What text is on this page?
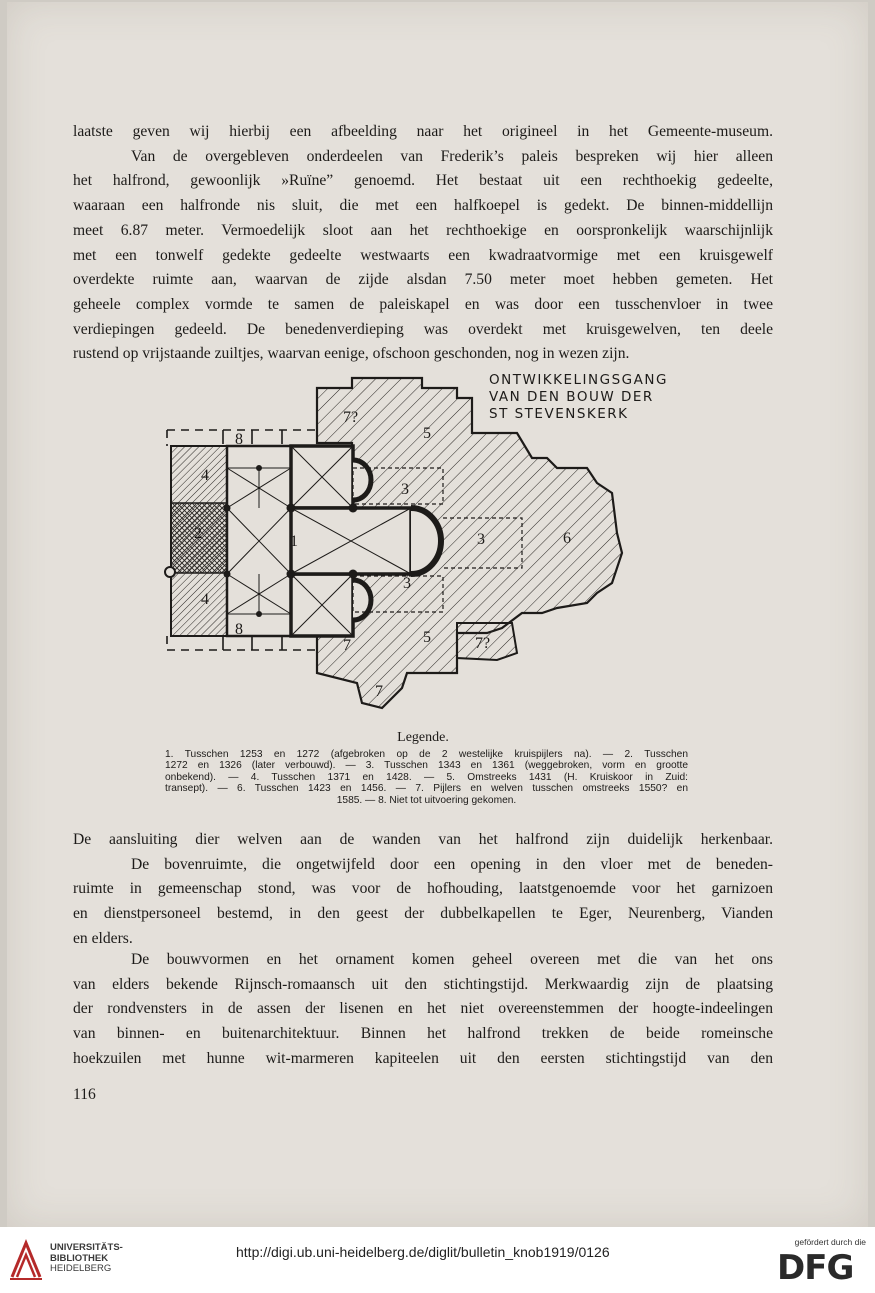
laatste geven wij hierbij een afbeelding naar het origineel in het Gemeente-museum.
Van de overgebleven onderdeelen van Frederik’s paleis bespreken wij hier alleen
het halfrond, gewoonlijk »Ruïne” genoemd. Het bestaat uit een rechthoekig gedeelte,
waaraan een halfronde nis sluit, die met een halfkoepel is gedekt. De binnen-middellijn
meet 6.87 meter. Vermoedelijk sloot aan het rechthoekige en oorspronkelijk waarschijnlijk
met een tonwelf gedekte gedeelte westwaarts een kwadraatvormige met een kruisgewelf
overdekte ruimte aan, waarvan de zijde alsdan 7.50 meter moet hebben gemeten. Het
geheele complex vormde te samen de paleiskapel en was door een tusschenvloer in twee
verdiepingen gedeeld. De benedenverdieping was overdekt met kruisgewelven, ten deele
rustend op vrijstaande zuiltjes, waarvan eenige, ofschoon geschonden, nog in wezen zijn.

1
2
3
3
3
4
4
5
5
6
7
7?
7?
7
8
8
ONTWIKKELINGSGANG
VAN DEN BOUW DER
ST STEVENSKERK
Legende.
1. Tusschen 1253 en 1272 (afgebroken op de 2 westelijke kruispijlers na). — 2. Tusschen
1272 en 1326 (later verbouwd). — 3. Tusschen 1343 en 1361 (weggebroken, vorm en grootte
onbekend). — 4. Tusschen 1371 en 1428. — 5. Omstreeks 1431 (H. Kruiskoor in Zuid:
transept). — 6. Tusschen 1423 en 1456. — 7. Pijlers en welven tusschen omstreeks 1550? en
1585. — 8. Niet tot uitvoering gekomen.

De aansluiting dier welven aan de wanden van het halfrond zijn duidelijk herkenbaar.
De bovenruimte, die ongetwijfeld door een opening in den vloer met de beneden-
ruimte in gemeenschap stond, was voor de hofhouding, laatstgenoemde voor het garnizoen
en dienstpersoneel bestemd, in den geest der dubbelkapellen te Eger, Neurenberg, Vianden
en elders.

De bouwvormen en het ornament komen geheel overeen met die van het ons
van elders bekende Rijnsch-romaansch uit den stichtingstijd. Merkwaardig zijn de plaatsing
der rondvensters in de assen der lisenen en het niet overeenstemmen der hoogte-indeelingen
van binnen- en buitenarchitektuur. Binnen het halfrond trekken de beide romeinsche
hoekzuilen met hunne wit-marmeren kapiteelen uit den eersten stichtingstijd van den

116
UNIVERSITÄTS-
BIBLIOTHEK
HEIDELBERG
http://digi.ub.uni-heidelberg.de/diglit/bulletin_knob1919/0126
gefördert durch die
DFG
